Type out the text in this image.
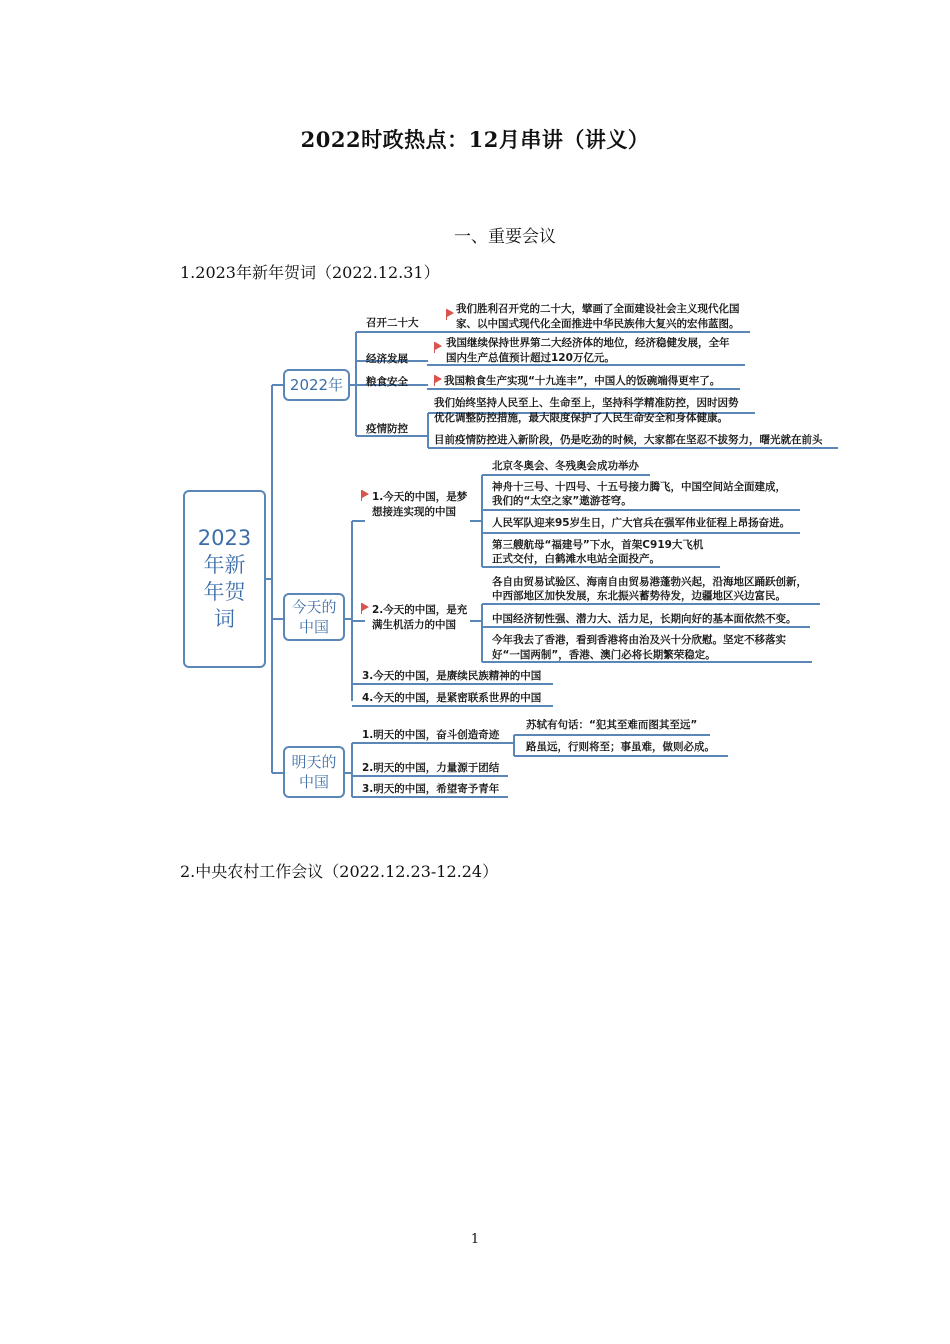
2022时政热点：12月串讲（讲义）
一、重要会议
1.2023年新年贺词（2022.12.31）
2023
年新
年贺
词
2022年
召开二十大
我们胜利召开党的二十大，擘画了全面建设社会主义现代化国
家、以中国式现代化全面推进中华民族伟大复兴的宏伟蓝图。
经济发展
我国继续保持世界第二大经济体的地位，经济稳健发展，全年
国内生产总值预计超过120万亿元。
粮食安全	我国粮食生产实现“十九连丰”，中国人的饭碗端得更牢了。
疫情防控
我们始终坚持人民至上、生命至上，坚持科学精准防控，因时因势
优化调整防控措施，最大限度保护了人民生命安全和身体健康。
目前疫情防控进入新阶段，仍是吃劲的时候，大家都在坚忍不拔努力，曙光就在前头
今天的
中国
1.今天的中国，是梦
想接连实现的中国
北京冬奥会、冬残奥会成功举办
神舟十三号、十四号、十五号接力腾飞，中国空间站全面建成，
我们的“太空之家”遨游苍穹。
人民军队迎来95岁生日，广大官兵在强军伟业征程上昂扬奋进。
第三艘航母“福建号”下水，首架C919大飞机
正式交付，白鹤滩水电站全面投产。
2.今天的中国，是充
满生机活力的中国
各自由贸易试验区、海南自由贸易港蓬勃兴起，沿海地区踊跃创新，
中西部地区加快发展，东北振兴蓄势待发，边疆地区兴边富民。
中国经济韧性强、潜力大、活力足，长期向好的基本面依然不变。
今年我去了香港，看到香港将由治及兴十分欣慰。坚定不移落实
好“一国两制”，香港、澳门必将长期繁荣稳定。
3.今天的中国，是赓续民族精神的中国
4.今天的中国，是紧密联系世界的中国
明天的
中国
1.明天的中国，奋斗创造奇迹
苏轼有句话：“犯其至难而图其至远”
路虽远，行则将至；事虽难，做则必成。
2.明天的中国，力量源于团结
3.明天的中国，希望寄予青年
2.中央农村工作会议（2022.12.23-12.24）
1
